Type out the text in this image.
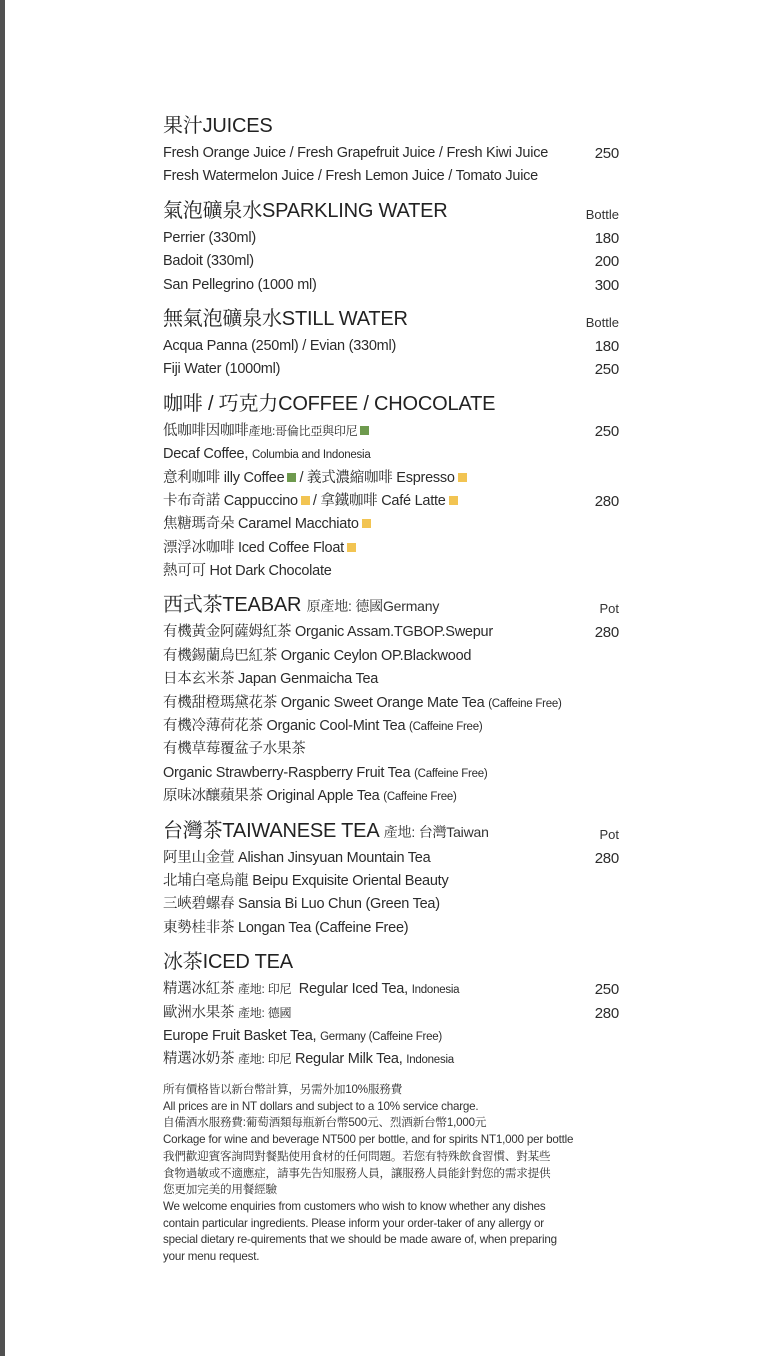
果汁JUICES
Fresh Orange Juice / Fresh Grapefruit Juice / Fresh Kiwi Juice	250
Fresh Watermelon Juice / Fresh Lemon Juice / Tomato Juice
氣泡礦泉水SPARKLING WATER	Bottle
Perrier (330ml)	180
Badoit (330ml)	200
San Pellegrino (1000 ml)	300
無氣泡礦泉水STILL WATER	Bottle
Acqua Panna (250ml) / Evian (330ml)	180
Fiji Water (1000ml)	250
咖啡 / 巧克力COFFEE / CHOCOLATE
低咖啡因咖啡產地:哥倫比亞與印尼	250
Decaf Coffee, Columbia and Indonesia
意利咖啡 illy Coffee / 義式濃縮咖啡 Espresso
卡布奇諾 Cappuccino / 拿鐵咖啡 Café Latte	280
焦糖瑪奇朵 Caramel Macchiato
漂浮冰咖啡 Iced Coffee Float
熱可可 Hot Dark Chocolate
西式茶TEABAR 原產地: 德國Germany	Pot
有機黃金阿薩姆紅茶 Organic Assam.TGBOP.Swepur	280
有機錫蘭烏巴紅茶 Organic Ceylon OP.Blackwood
日本玄米茶 Japan Genmaicha Tea
有機甜橙瑪黛花茶 Organic Sweet Orange Mate Tea (Caffeine Free)
有機冷薄荷花茶 Organic Cool-Mint Tea (Caffeine Free)
有機草莓覆盆子水果茶
Organic Strawberry-Raspberry Fruit Tea (Caffeine Free)
原味冰釀蘋果茶 Original Apple Tea (Caffeine Free)
台灣茶TAIWANESE TEA 產地: 台灣Taiwan	Pot
阿里山金萱 Alishan Jinsyuan Mountain Tea	280
北埔白毫烏龍 Beipu Exquisite Oriental Beauty
三峽碧螺春 Sansia Bi Luo Chun (Green Tea)
東勢桂非茶 Longan Tea (Caffeine Free)
冰茶ICED TEA
精選冰紅茶 產地: 印尼 Regular Iced Tea, Indonesia	250
歐洲水果茶 產地: 德國	280
Europe Fruit Basket Tea, Germany (Caffeine Free)
精選冰奶茶 產地: 印尼 Regular Milk Tea, Indonesia
所有價格皆以新台幣計算，另需外加10%服務費
All prices are in NT dollars and subject to a 10% service charge.
自備酒水服務費:葡萄酒類每瓶新台幣500元、烈酒新台幣1,000元
Corkage for wine and beverage NT500 per bottle, and for spirits NT1,000 per bottle
我們歡迎賓客詢問對餐點使用食材的任何問題。若您有特殊飲食習慣、對某些
食物過敏或不適應症，請事先告知服務人員，讓服務人員能針對您的需求提供
您更加完美的用餐經驗
We welcome enquiries from customers who wish to know whether any dishes
contain particular ingredients. Please inform your order-taker of any allergy or
special dietary re-quirements that we should be made aware of, when preparing
your menu request.
